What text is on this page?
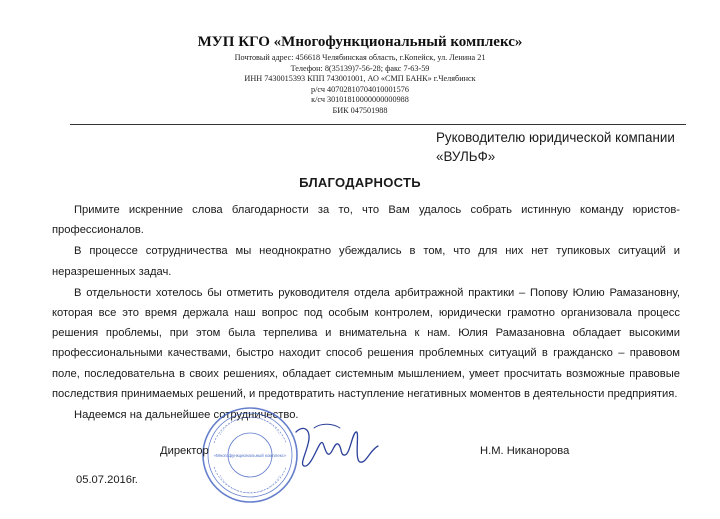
МУП КГО «Многофункциональный комплекс»
Почтовый адрес: 456618 Челябинская область, г.Копейск, ул. Ленина 21
Телефон: 8(35139)7-56-28; факс 7-63-59
ИНН 7430015393 КПП 743001001, АО «СМП БАНК» г.Челябинск
р/сч 40702810704010001576
к/сч 30101810000000000988
БИК 047501988
Руководителю юридической компании
«ВУЛЬФ»
БЛАГОДАРНОСТЬ

Примите искренние слова благодарности за то, что Вам удалось собрать истинную команду юристов-профессионалов.

В процессе сотрудничества мы неоднократно убеждались в том, что для них нет тупиковых ситуаций и неразрешенных задач.

В отдельности хотелось бы отметить руководителя отдела арбитражной практики – Попову Юлию Рамазановну, которая все это время держала наш вопрос под особым контролем, юридически грамотно организовала процесс решения проблемы, при этом была терпелива и внимательна к нам. Юлия Рамазановна обладает высокими профессиональными качествами, быстро находит способ решения проблемных ситуаций в гражданско – правовом поле, последовательна в своих решениях, обладает системным мышлением, умеет просчитать возможные правовые последствия принимаемых решений, и предотвратить наступление негативных моментов в деятельности предприятия.

Надеемся на дальнейшее сотрудничество.
«Многофункциональный комплекс»
Директор	Н.М. Никанорова
05.07.2016г.
